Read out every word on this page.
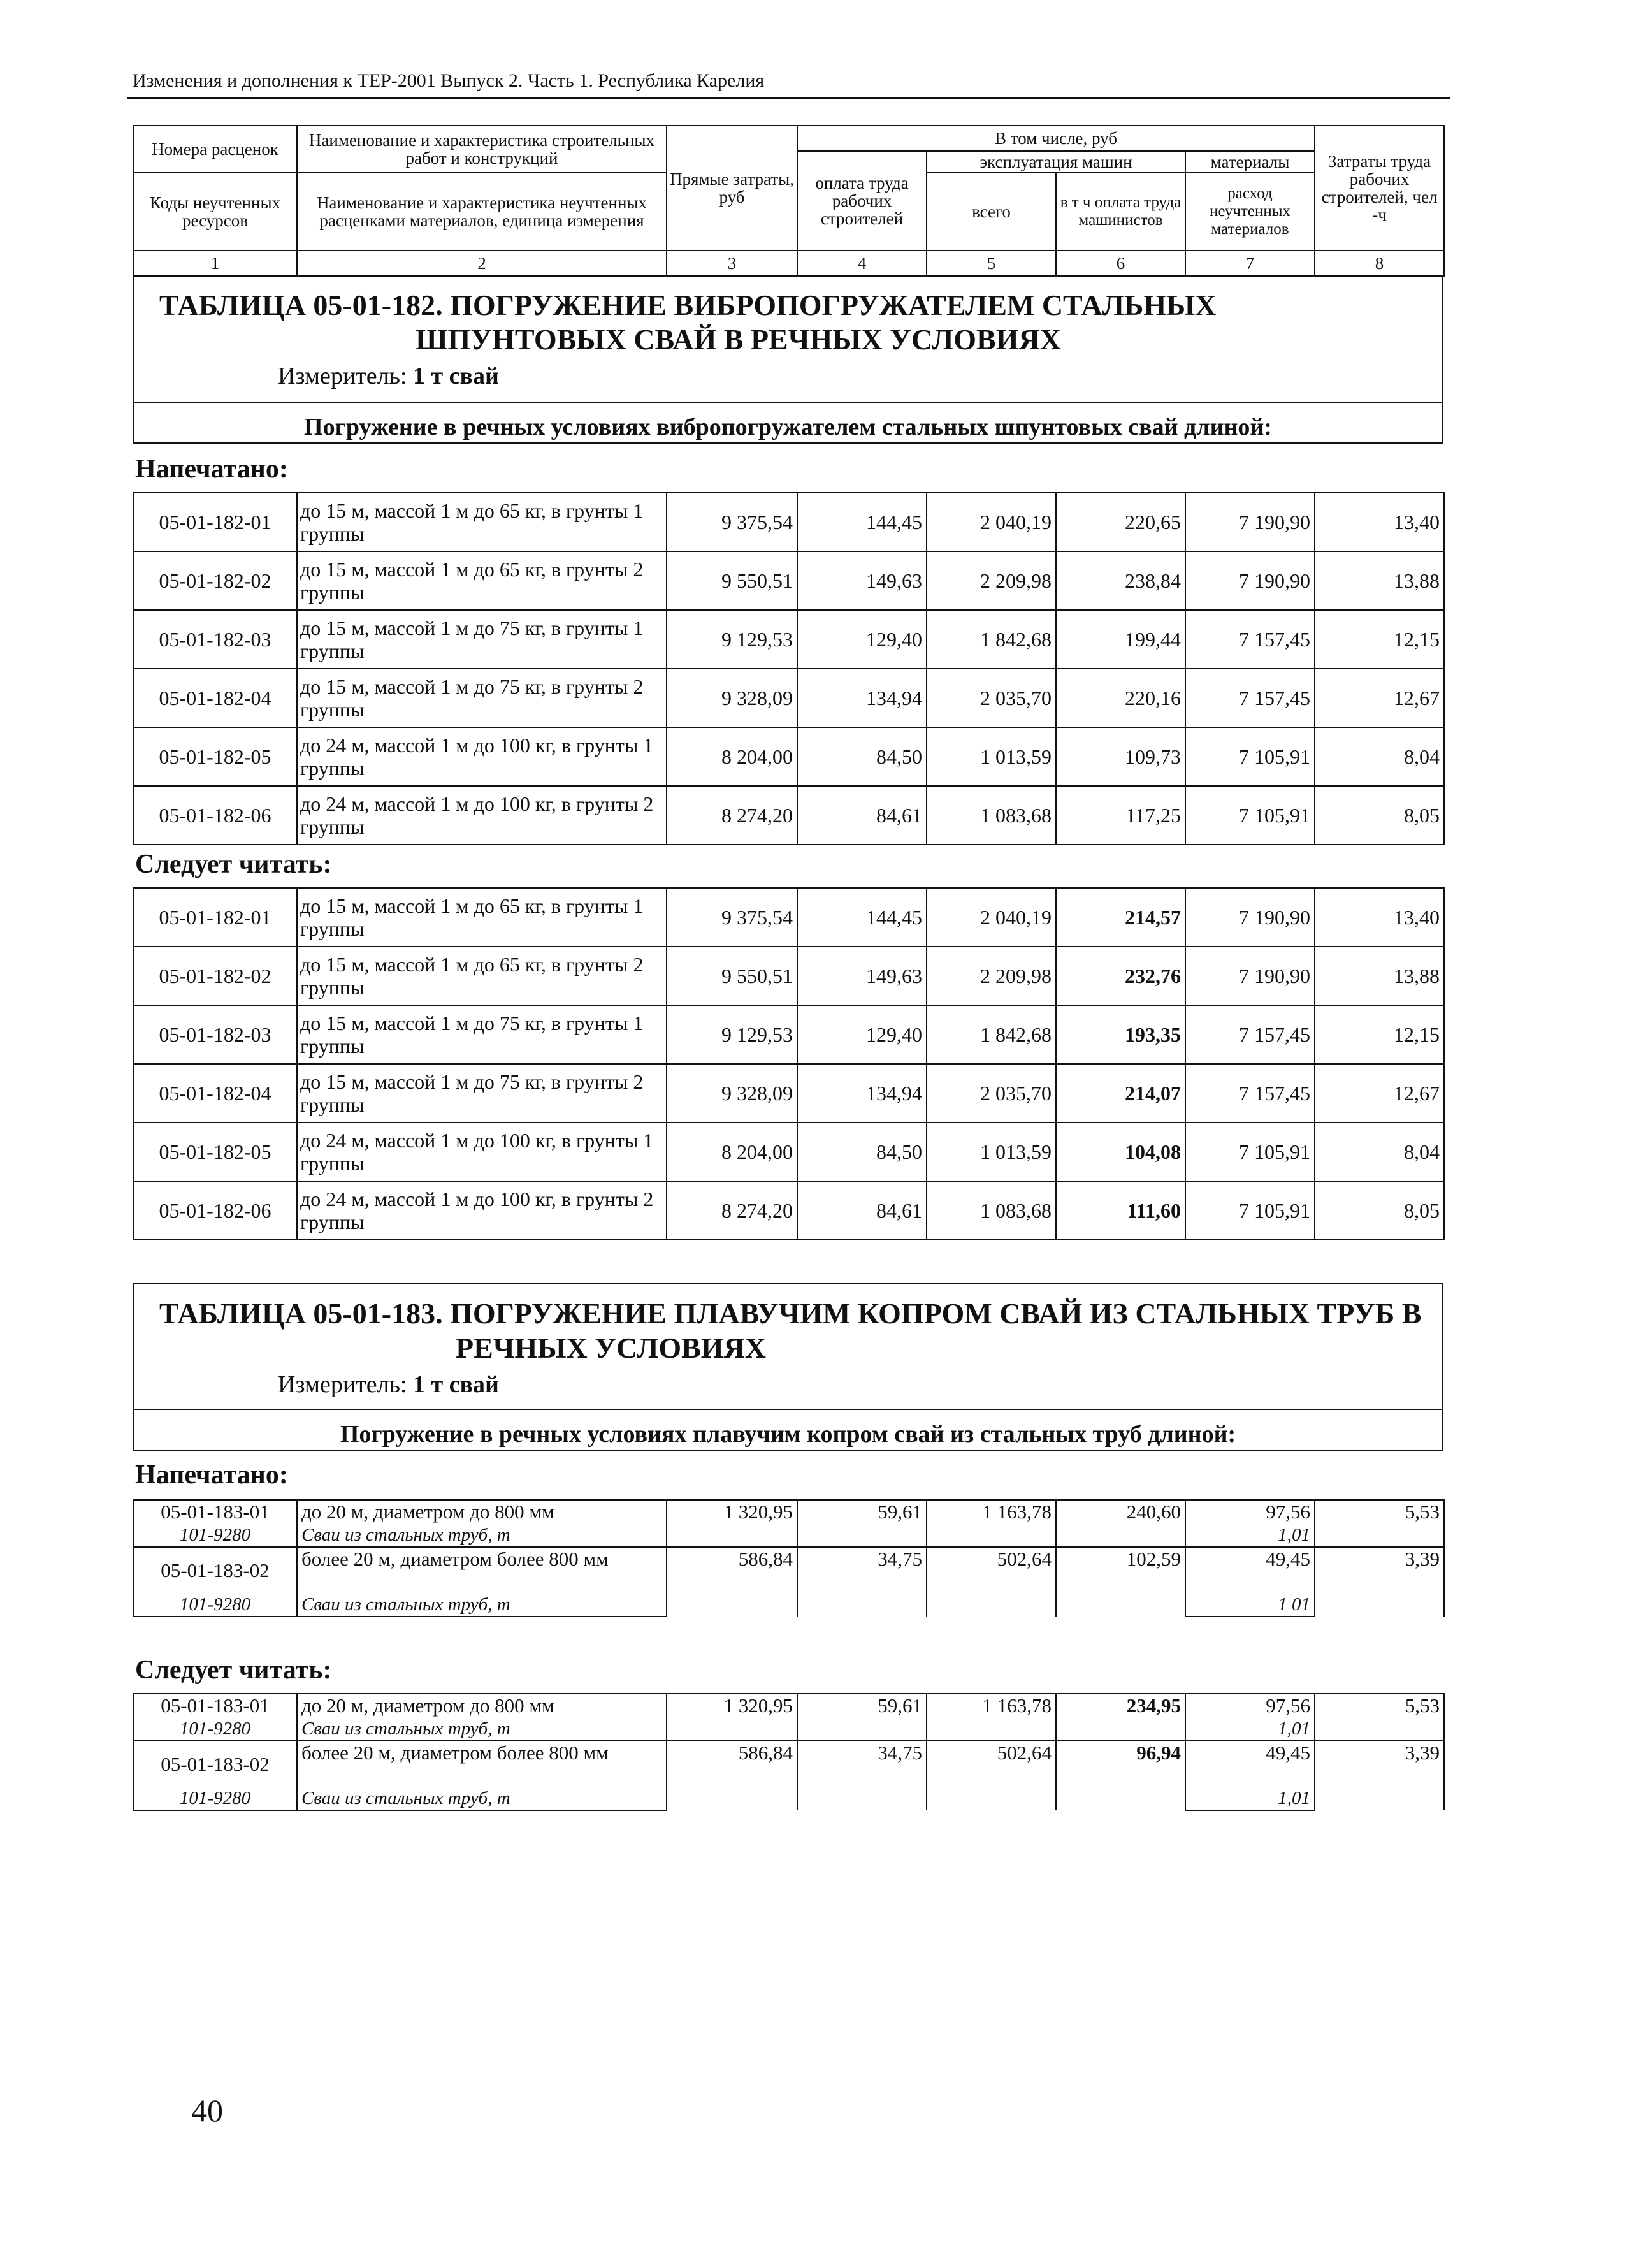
Изменения и дополнения к ТЕР-2001 Выпуск 2. Часть 1. Республика Карелия
Номера расценок	Наименование и характеристика строительных работ и конструкций	Прямые затраты, руб	В том числе, руб				Затраты труда рабочих строителей, чел -ч
			оплата труда рабочих строителей	эксплуатация машин		материалы	
Коды неучтенных ресурсов	Наименование и характеристика неучтенных расценками материалов, единица измерения			всего	в т ч оплата труда машинистов	расход неучтенных материалов	

1	2	3	4	5	6	7	8
ТАБЛИЦА 05-01-182. ПОГРУЖЕНИЕ ВИБРОПОГРУЖАТЕЛЕМ СТАЛЬНЫХ
ШПУНТОВЫХ СВАЙ В РЕЧНЫХ УСЛОВИЯХ
Измеритель: 1 т свай
Погружение в речных условиях вибропогружателем стальных шпунтовых свай длиной:
Напечатано:
05-01-182-01	до 15 м, массой 1 м до 65 кг, в грунты 1 группы	9 375,54	144,45	2 040,19	220,65	7 190,90	13,40
05-01-182-02	до 15 м, массой 1 м до 65 кг, в грунты 2 группы	9 550,51	149,63	2 209,98	238,84	7 190,90	13,88
05-01-182-03	до 15 м, массой 1 м до 75 кг, в грунты 1 группы	9 129,53	129,40	1 842,68	199,44	7 157,45	12,15
05-01-182-04	до 15 м, массой 1 м до 75 кг, в грунты 2 группы	9 328,09	134,94	2 035,70	220,16	7 157,45	12,67
05-01-182-05	до 24 м, массой 1 м до 100 кг, в грунты 1 группы	8 204,00	84,50	1 013,59	109,73	7 105,91	8,04
05-01-182-06	до 24 м, массой 1 м до 100 кг, в грунты 2 группы	8 274,20	84,61	1 083,68	117,25	7 105,91	8,05
Следует читать:
05-01-182-01	до 15 м, массой 1 м до 65 кг, в грунты 1 группы	9 375,54	144,45	2 040,19	214,57	7 190,90	13,40
05-01-182-02	до 15 м, массой 1 м до 65 кг, в грунты 2 группы	9 550,51	149,63	2 209,98	232,76	7 190,90	13,88
05-01-182-03	до 15 м, массой 1 м до 75 кг, в грунты 1 группы	9 129,53	129,40	1 842,68	193,35	7 157,45	12,15
05-01-182-04	до 15 м, массой 1 м до 75 кг, в грунты 2 группы	9 328,09	134,94	2 035,70	214,07	7 157,45	12,67
05-01-182-05	до 24 м, массой 1 м до 100 кг, в грунты 1 группы	8 204,00	84,50	1 013,59	104,08	7 105,91	8,04
05-01-182-06	до 24 м, массой 1 м до 100 кг, в грунты 2 группы	8 274,20	84,61	1 083,68	111,60	7 105,91	8,05
ТАБЛИЦА 05-01-183. ПОГРУЖЕНИЕ ПЛАВУЧИМ КОПРОМ СВАЙ ИЗ СТАЛЬНЫХ ТРУБ В
РЕЧНЫХ УСЛОВИЯХ
Измеритель: 1 т свай
Погружение в речных условиях плавучим копром свай из стальных труб длиной:
Напечатано:
05-01-183-01	до 20 м, диаметром до 800 мм	1 320,95	59,61	1 163,78	240,60	97,56	5,53
101-9280	Сваи из стальных труб, т					1,01	
05-01-183-02	более 20 м, диаметром более 800 мм	586,84	34,75	502,64	102,59	49,45	3,39
101-9280	Сваи из стальных труб, т					1 01	
Следует читать:
05-01-183-01	до 20 м, диаметром до 800 мм	1 320,95	59,61	1 163,78	234,95	97,56	5,53
101-9280	Сваи из стальных труб, т					1,01	
05-01-183-02	более 20 м, диаметром более 800 мм	586,84	34,75	502,64	96,94	49,45	3,39
101-9280	Сваи из стальных труб, т					1,01	
40
